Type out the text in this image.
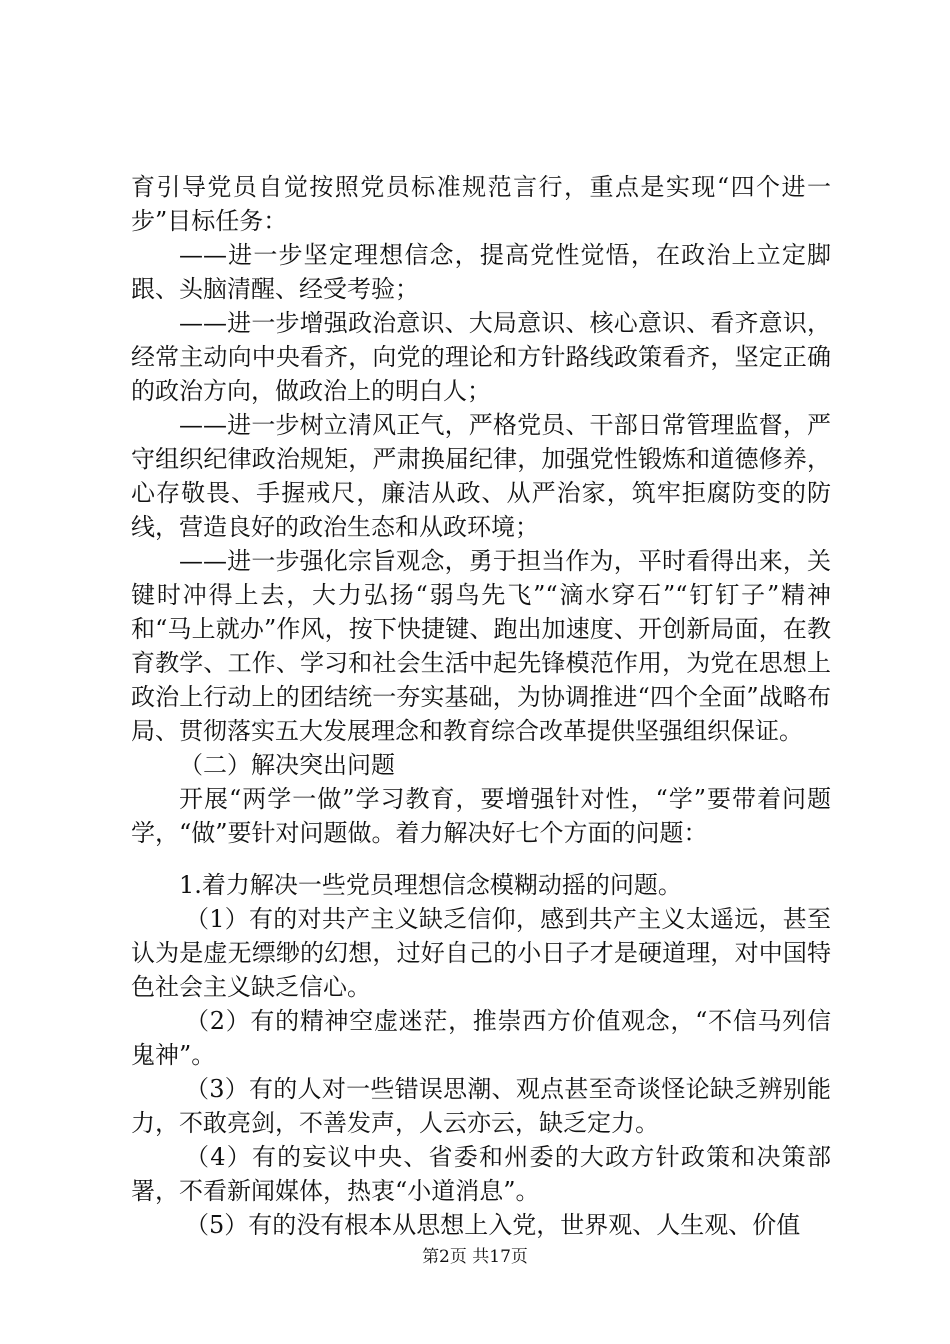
育引导党员自觉按照党员标准规范言行，重点是实现“四个进一步”目标任务：

——进一步坚定理想信念，提高党性觉悟，在政治上立定脚跟、头脑清醒、经受考验；

——进一步增强政治意识、大局意识、核心意识、看齐意识，经常主动向中央看齐，向党的理论和方针路线政策看齐，坚定正确的政治方向，做政治上的明白人；

——进一步树立清风正气，严格党员、干部日常管理监督，严守组织纪律政治规矩，严肃换届纪律，加强党性锻炼和道德修养，心存敬畏、手握戒尺，廉洁从政、从严治家，筑牢拒腐防变的防线，营造良好的政治生态和从政环境；

——进一步强化宗旨观念，勇于担当作为，平时看得出来，关键时冲得上去，大力弘扬“弱鸟先飞”“滴水穿石”“钉钉子”精神和“马上就办”作风，按下快捷键、跑出加速度、开创新局面，在教育教学、工作、学习和社会生活中起先锋模范作用，为党在思想上政治上行动上的团结统一夯实基础，为协调推进“四个全面”战略布局、贯彻落实五大发展理念和教育综合改革提供坚强组织保证。

（二）解决突出问题

开展“两学一做”学习教育，要增强针对性，“学”要带着问题学，“做”要针对问题做。着力解决好七个方面的问题：

1.着力解决一些党员理想信念模糊动摇的问题。

（1）有的对共产主义缺乏信仰，感到共产主义太遥远，甚至认为是虚无缥缈的幻想，过好自己的小日子才是硬道理，对中国特色社会主义缺乏信心。

（2）有的精神空虚迷茫，推崇西方价值观念，“不信马列信鬼神”。

（3）有的人对一些错误思潮、观点甚至奇谈怪论缺乏辨别能力，不敢亮剑，不善发声，人云亦云，缺乏定力。

（4）有的妄议中央、省委和州委的大政方针政策和决策部署，不看新闻媒体，热衷“小道消息”。

（5）有的没有根本从思想上入党，世界观、人生观、价值

第2页 共17页
